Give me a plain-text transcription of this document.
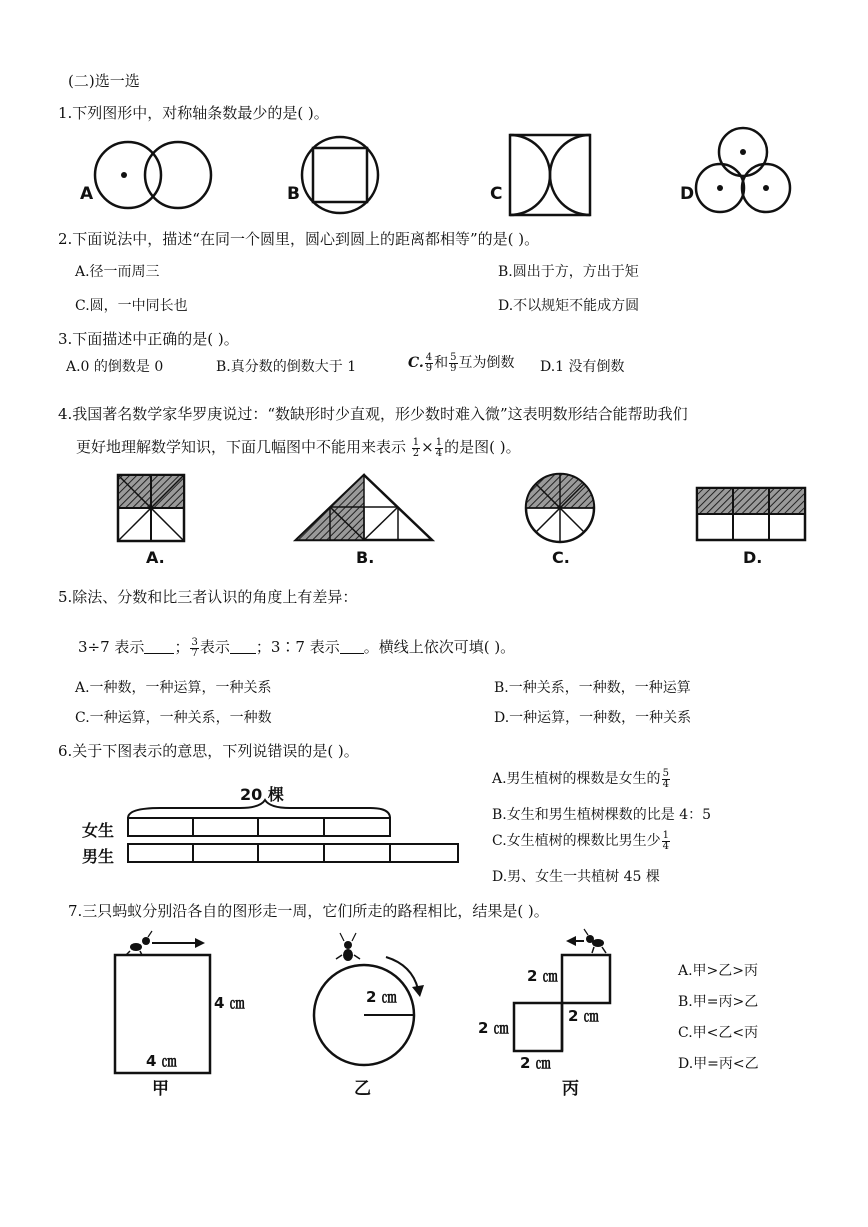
(二)选一选
1.下列图形中，对称轴条数最少的是( )。
A	B	C	D
2.下面说法中，描述“在同一个圆里，圆心到圆上的距离都相等”的是( )。
A.径一而周三	B.圆出于方，方出于矩
C.圆，一中同长也	D.不以规矩不能成方圆
3.下面描述中正确的是( )。
A.0 的倒数是 0	B.真分数的倒数大于 1	C. $\frac{4}{9}$ 和 $\frac{5}{9}$ 互为倒数 D.1 没有倒数
4.我国著名数学家华罗庚说过：“数缺形时少直观，形少数时难入微”这表明数形结合能帮助我们
更好地理解数学知识，下面几幅图中不能用来表示 $\frac{1}{2} \times \frac{1}{4}$ 的是图( )。
A.	B.	C.	D.
5.除法、分数和比三者认识的角度上有差异：
3÷7 表示 ； $\frac{3}{7}$ 表示 ；3∶7 表示 。横线上依次可填( )。
A.一种数，一种运算，一种关系	B.一种关系，一种数，一种运算
C.一种运算，一种关系，一种数	D.一种运算，一种数，一种关系
6.关于下图表示的意思，下列说错误的是( )。
20 棵
女生
男生
A.男生植树的棵数是女生的 $\frac{5}{4}$
B.女生和男生植树棵数的比是 4：5
C.女生植树的棵数比男生少 $\frac{1}{4}$
D.男、女生一共植树 45 棵
7.三只蚂蚁分别沿各自的图形走一周，它们所走的路程相比，结果是( )。
4 ㎝
4 ㎝
2 ㎝
2 ㎝
2 ㎝
2 ㎝
2 ㎝
甲	乙	丙
A.甲>乙>丙
B.甲=丙>乙
C.甲<乙<丙
D.甲=丙<乙
